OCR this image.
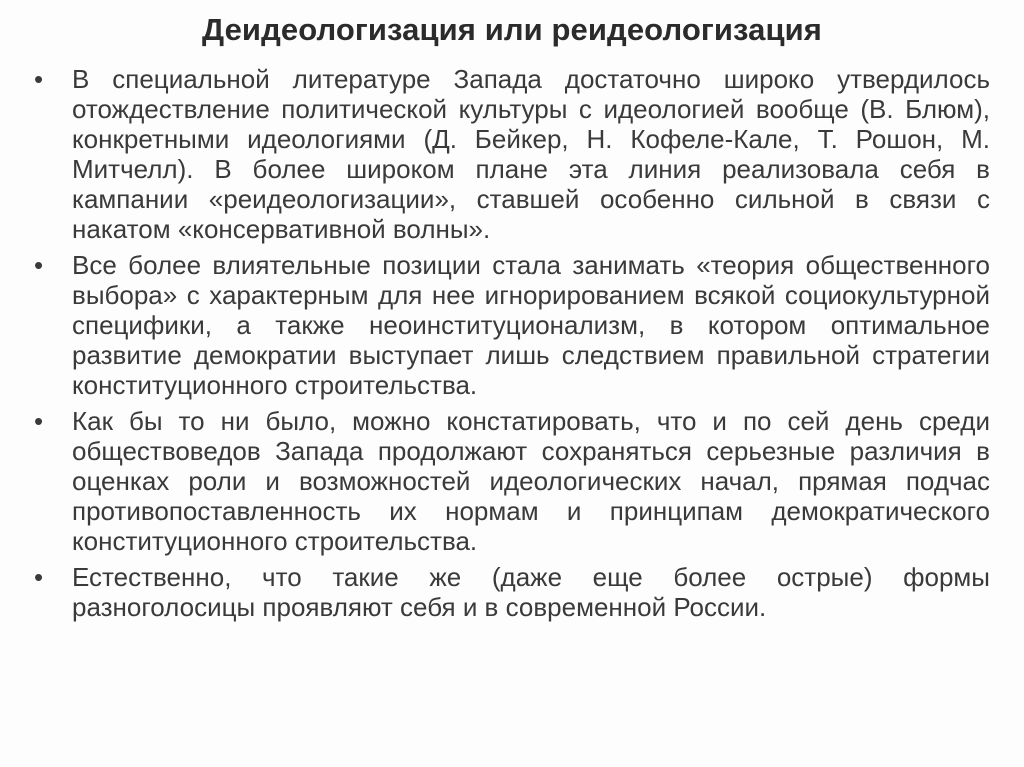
Деидеологизация или реидеологизация
• В специальной литературе Запада достаточно широко утвердилось отождествление политической культуры с идеологией вообще (В. Блюм), конкретными идеологиями (Д. Бейкер, Н. Кофеле-Кале, Т. Рошон, М. Митчелл). В более широком плане эта линия реализовала себя в кампании «реидеологизации», ставшей особенно сильной в связи с накатом «консервативной волны».
• Все более влиятельные позиции стала занимать «теория общественного выбора» с характерным для нее игнорированием всякой социокультурной специфики, а также неоинституционализм, в котором оптимальное развитие демократии выступает лишь следствием правильной стратегии конституционного строительства.
• Как бы то ни было, можно констатировать, что и по сей день среди обществоведов Запада продолжают сохраняться серьезные различия в оценках роли и возможностей идеологических начал, прямая подчас противопоставленность их нормам и принципам демократического конституционного строительства.
• Естественно, что такие же (даже еще более острые) формы разноголосицы проявляют себя и в современной России.
